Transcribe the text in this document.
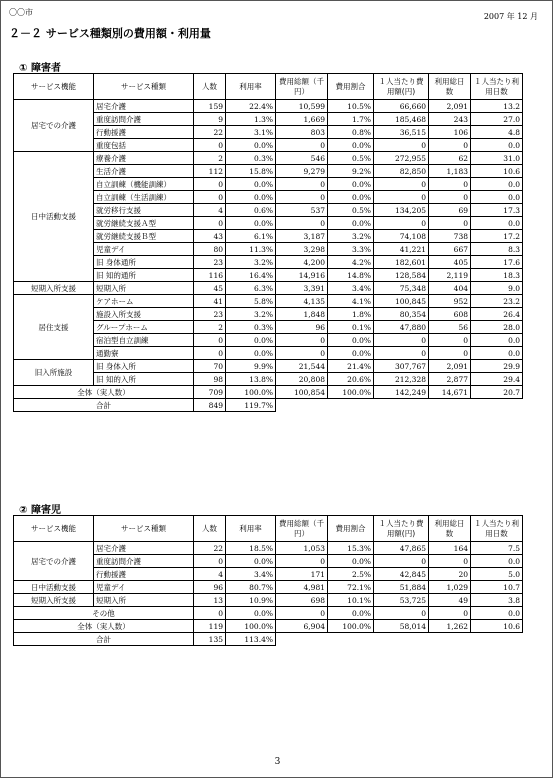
〇〇市	2007 年 12 月
２－２ サービス種類別の費用額・利用量
① 障害者
サービス機能	サービス種類	人数	利用率	費用総額（千円）	費用割合	１人当たり費用額(円)	利用総日数	１人当たり利用日数
居宅での介護	居宅介護	159	22.4%	10,599	10.5%	66,660	2,091	13.2
	重度訪問介護	9	1.3%	1,669	1.7%	185,468	243	27.0
	行動援護	22	3.1%	803	0.8%	36,515	106	4.8
	重度包括	0	0.0%	0	0.0%	0	0	0.0
日中活動支援	療養介護	2	0.3%	546	0.5%	272,955	62	31.0
	生活介護	112	15.8%	9,279	9.2%	82,850	1,183	10.6
	自立訓練（機能訓練）	0	0.0%	0	0.0%	0	0	0.0
	自立訓練（生活訓練）	0	0.0%	0	0.0%	0	0	0.0
	就労移行支援	4	0.6%	537	0.5%	134,205	69	17.3
	就労継続支援Ａ型	0	0.0%	0	0.0%	0	0	0.0
	就労継続支援Ｂ型	43	6.1%	3,187	3.2%	74,108	738	17.2
	児童デイ	80	11.3%	3,298	3.3%	41,221	667	8.3
	旧 身体通所	23	3.2%	4,200	4.2%	182,601	405	17.6
	旧 知的通所	116	16.4%	14,916	14.8%	128,584	2,119	18.3
短期入所支援	短期入所	45	6.3%	3,391	3.4%	75,348	404	9.0
居住支援	ケアホーム	41	5.8%	4,135	4.1%	100,845	952	23.2
	施設入所支援	23	3.2%	1,848	1.8%	80,354	608	26.4
	グループホーム	2	0.3%	96	0.1%	47,880	56	28.0
	宿泊型自立訓練	0	0.0%	0	0.0%	0	0	0.0
	通勤寮	0	0.0%	0	0.0%	0	0	0.0
旧入所施設	旧 身体入所	70	9.9%	21,544	21.4%	307,767	2,091	29.9
	旧 知的入所	98	13.8%	20,808	20.6%	212,328	2,877	29.4
全体（実人数）		709	100.0%	100,854	100.0%	142,249	14,671	20.7
合計		849	119.7%					
② 障害児
サービス機能	サービス種類	人数	利用率	費用総額（千円）	費用割合	１人当たり費用額(円)	利用総日数	１人当たり利用日数
居宅での介護	居宅介護	22	18.5%	1,053	15.3%	47,865	164	7.5
	重度訪問介護	0	0.0%	0	0.0%	0	0	0.0
	行動援護	4	3.4%	171	2.5%	42,845	20	5.0
日中活動支援	児童デイ	96	80.7%	4,981	72.1%	51,884	1,029	10.7
短期入所支援	短期入所	13	10.9%	698	10.1%	53,725	49	3.8
その他		0	0.0%	0	0.0%	0	0	0.0
全体（実人数）		119	100.0%	6,904	100.0%	58,014	1,262	10.6
合計		135	113.4%					
3
